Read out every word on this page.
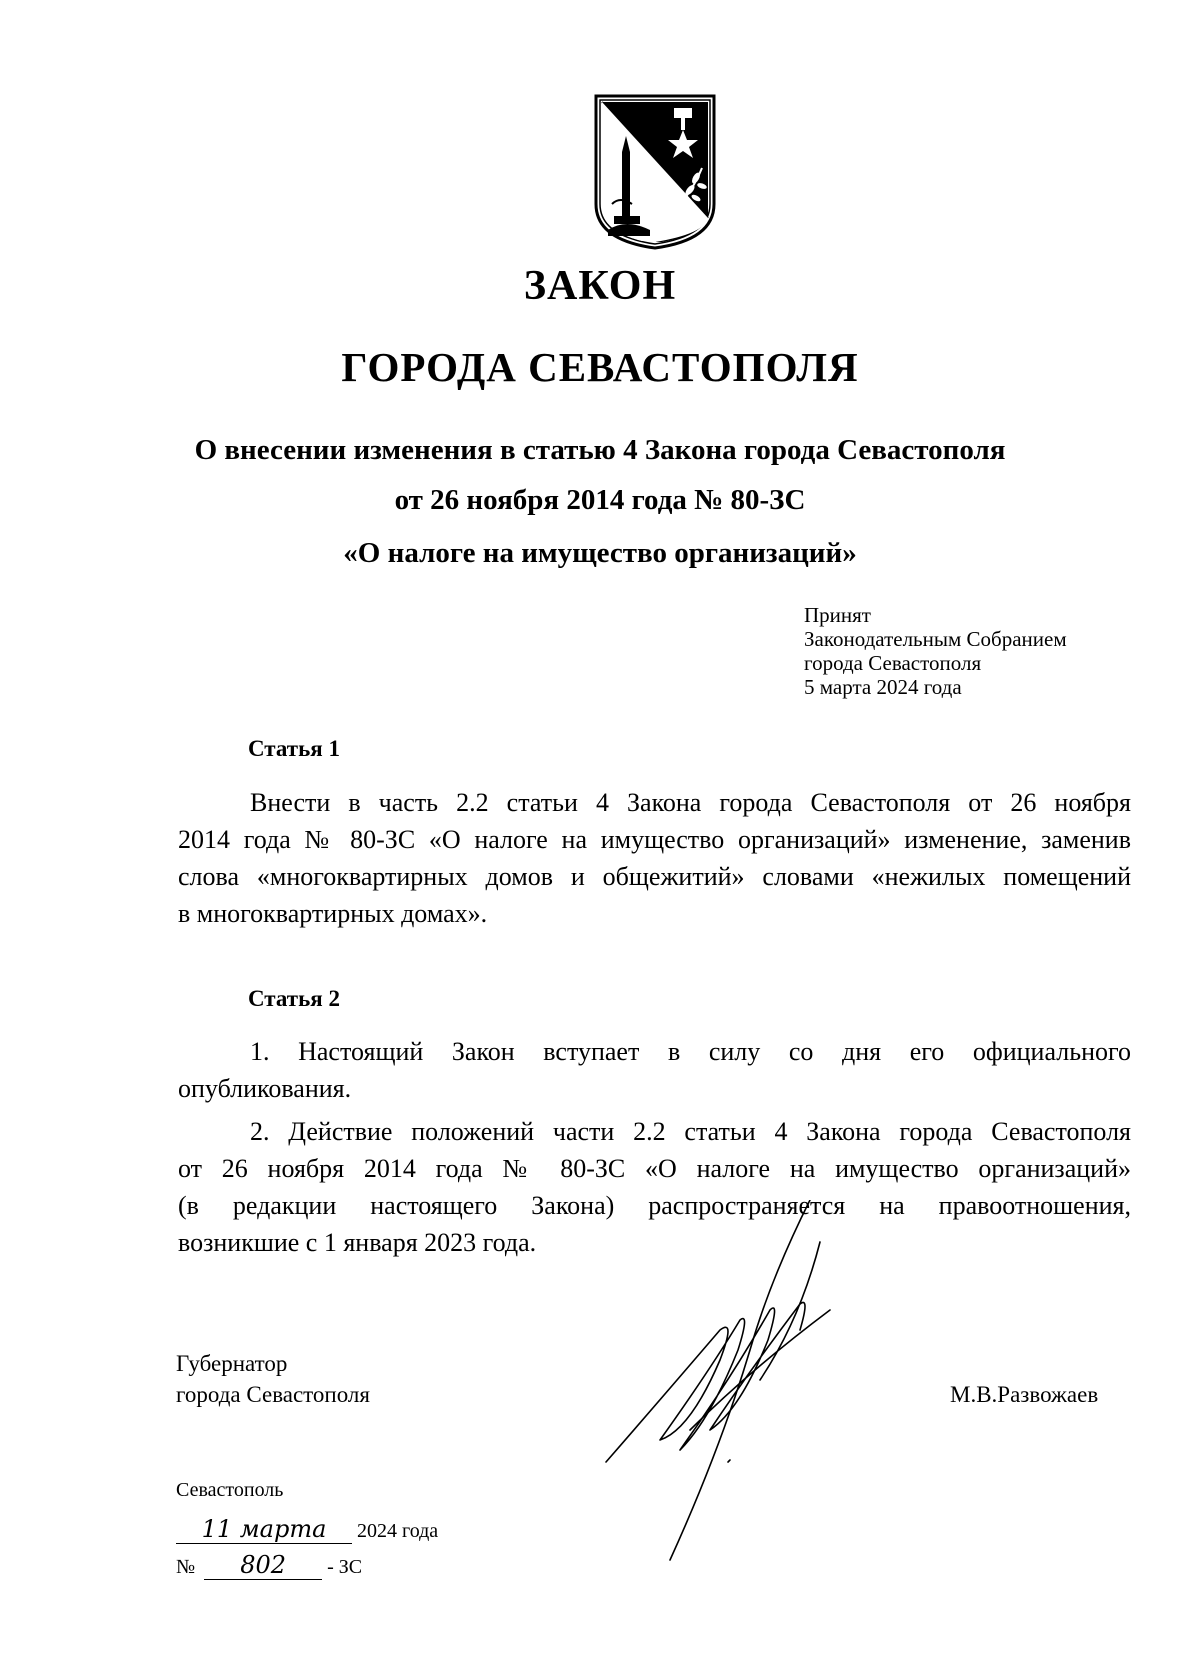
ЗАКОН
ГОРОДА СЕВАСТОПОЛЯ
О внесении изменения в статью 4 Закона города Севастополя
от 26 ноября 2014 года № 80-ЗС
«О налоге на имущество организаций»
Принят
Законодательным Собранием
города Севастополя
5 марта 2024 года
Статья 1
Внести в часть 2.2 статьи 4 Закона города Севастополя от 26 ноября
2014 года № 80-ЗС «О налоге на имущество организаций» изменение, заменив
слова «многоквартирных домов и общежитий» словами «нежилых помещений
в многоквартирных домах».
Статья 2
1. Настоящий Закон вступает в силу со дня его официального
опубликования.
2. Действие положений части 2.2 статьи 4 Закона города Севастополя
от 26 ноября 2014 года № 80-ЗС «О налоге на имущество организаций»
(в редакции настоящего Закона) распространяется на правоотношения,
возникшие с 1 января 2023 года.
Губернатор
города Севастополя	М.В.Развожаев
Севастополь
11 марта 2024 года
№ 802 - ЗС
